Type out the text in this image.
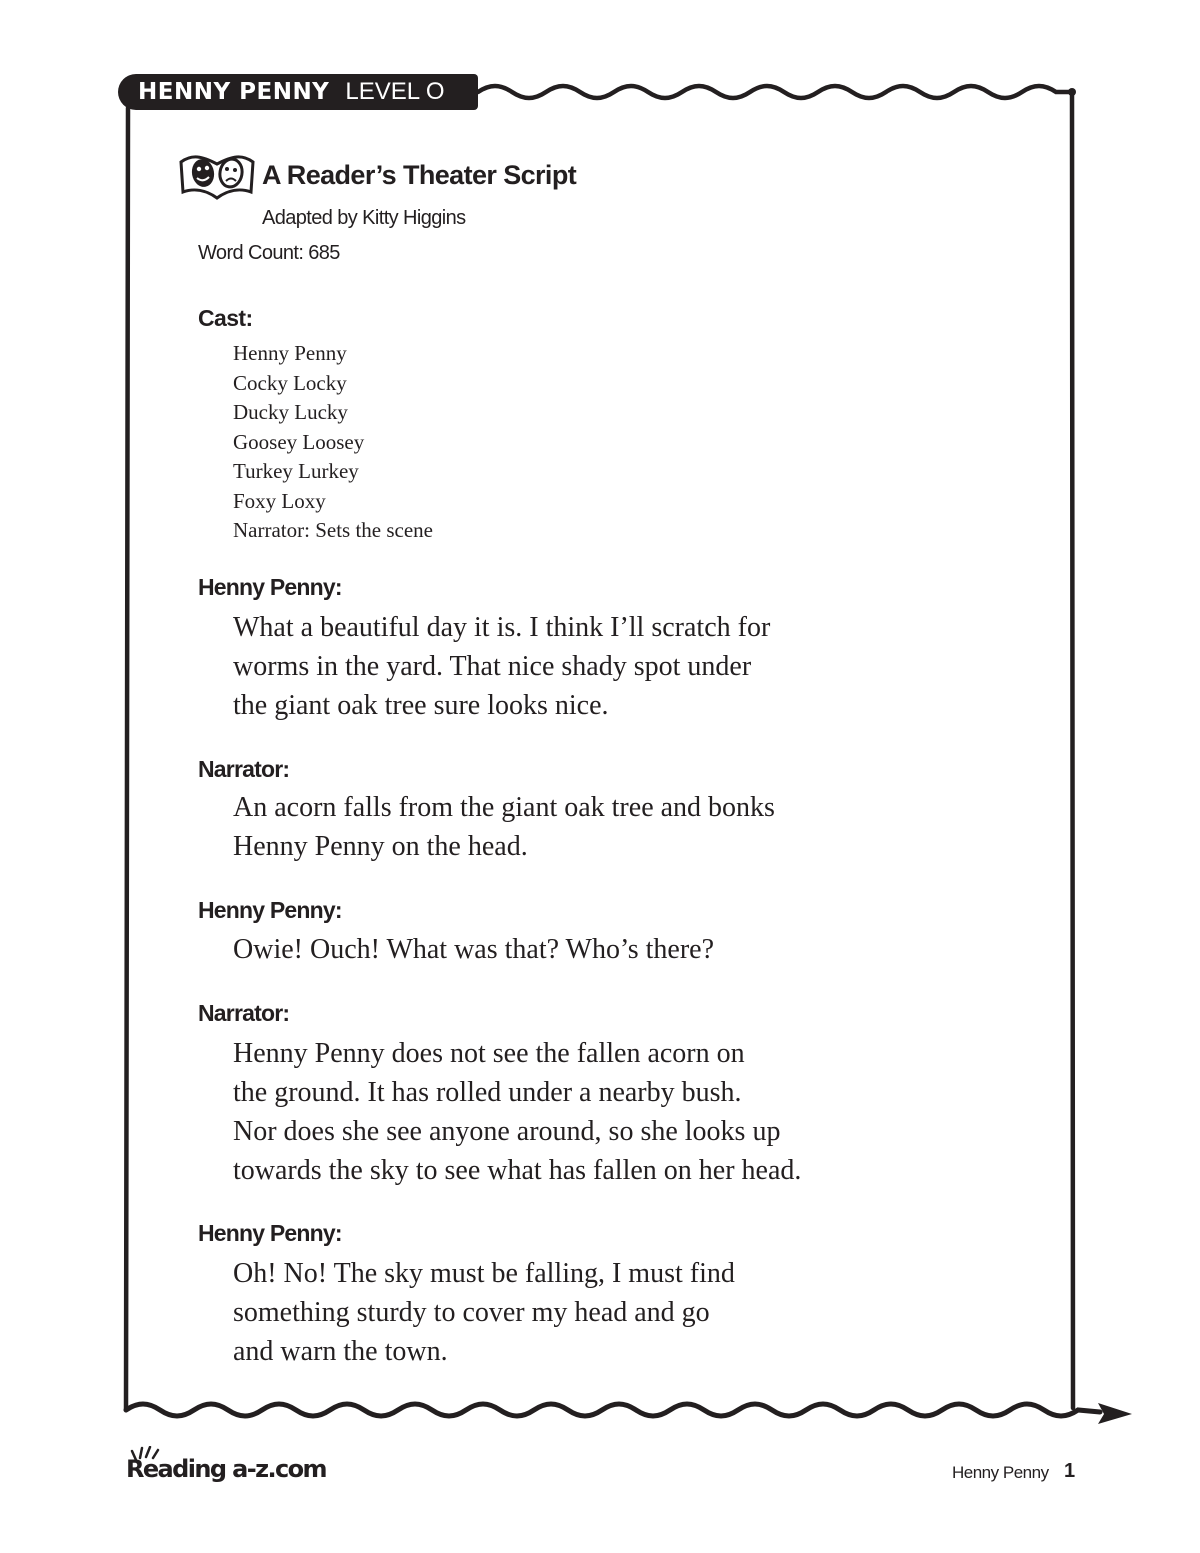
HENNY PENNY LEVEL O
A Reader’s Theater Script
Adapted by Kitty Higgins
Word Count: 685
Cast:
Henny Penny
Cocky Locky
Ducky Lucky
Goosey Loosey
Turkey Lurkey
Foxy Loxy
Narrator: Sets the scene
Henny Penny:
What a beautiful day it is. I think I’ll scratch for
worms in the yard. That nice shady spot under
the giant oak tree sure looks nice.
Narrator:
An acorn falls from the giant oak tree and bonks
Henny Penny on the head.
Henny Penny:
Owie! Ouch! What was that? Who’s there?
Narrator:
Henny Penny does not see the fallen acorn on
the ground. It has rolled under a nearby bush.
Nor does she see anyone around, so she looks up
towards the sky to see what has fallen on her head.
Henny Penny:
Oh! No! The sky must be falling, I must find
something sturdy to cover my head and go
and warn the town.
Reading a-z.com	Henny Penny 1
